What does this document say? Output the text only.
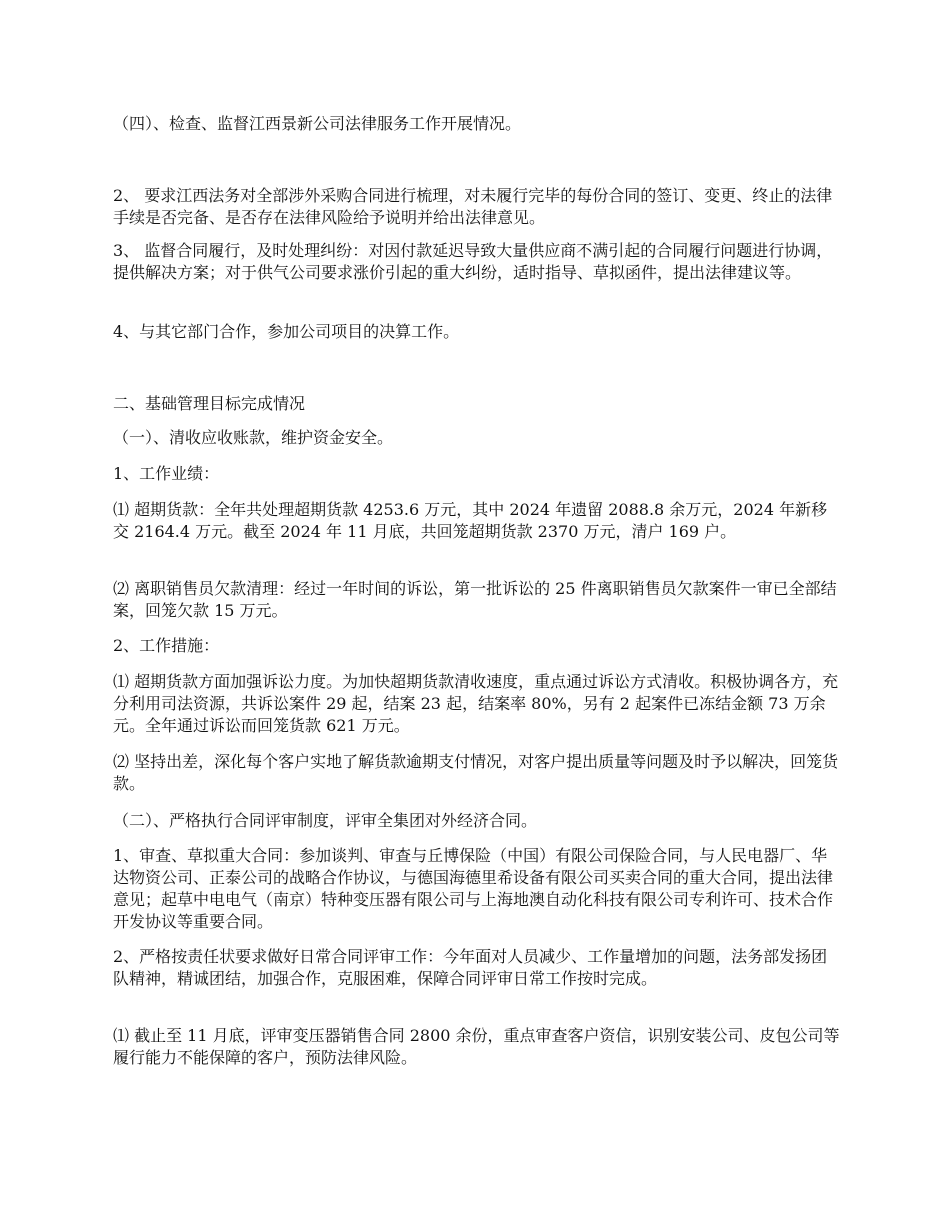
（四）、检查、监督江西景新公司法律服务工作开展情况。

2、 要求江西法务对全部涉外采购合同进行梳理，对未履行完毕的每份合同的签订、变更、终止的法律手续是否完备、是否存在法律风险给予说明并给出法律意见。

3、 监督合同履行，及时处理纠纷：对因付款延迟导致大量供应商不满引起的合同履行问题进行协调，提供解决方案；对于供气公司要求涨价引起的重大纠纷，适时指导、草拟函件，提出法律建议等。

4、与其它部门合作，参加公司项目的决算工作。

二、基础管理目标完成情况

（一）、清收应收账款，维护资金安全。

1、工作业绩：

⑴ 超期货款：全年共处理超期货款 4253.6 万元，其中 2024 年遗留 2088.8 余万元，2024 年新移交 2164.4 万元。截至 2024 年 11 月底，共回笼超期货款 2370 万元，清户 169 户。

⑵ 离职销售员欠款清理：经过一年时间的诉讼，第一批诉讼的 25 件离职销售员欠款案件一审已全部结案，回笼欠款 15 万元。

2、工作措施：

⑴ 超期货款方面加强诉讼力度。为加快超期货款清收速度，重点通过诉讼方式清收。积极协调各方，充分利用司法资源，共诉讼案件 29 起，结案 23 起，结案率 80%，另有 2 起案件已冻结金额 73 万余元。全年通过诉讼而回笼货款 621 万元。

⑵ 坚持出差，深化每个客户实地了解货款逾期支付情况，对客户提出质量等问题及时予以解决，回笼货款。

（二）、严格执行合同评审制度，评审全集团对外经济合同。

1、审查、草拟重大合同：参加谈判、审查与丘博保险（中国）有限公司保险合同，与人民电器厂、华达物资公司、正泰公司的战略合作协议，与德国海德里希设备有限公司买卖合同的重大合同，提出法律意见；起草中电电气（南京）特种变压器有限公司与上海地澳自动化科技有限公司专利许可、技术合作开发协议等重要合同。

2、严格按责任状要求做好日常合同评审工作：今年面对人员减少、工作量增加的问题，法务部发扬团队精神，精诚团结，加强合作，克服困难，保障合同评审日常工作按时完成。

⑴ 截止至 11 月底，评审变压器销售合同 2800 余份，重点审查客户资信，识别安装公司、皮包公司等履行能力不能保障的客户，预防法律风险。
